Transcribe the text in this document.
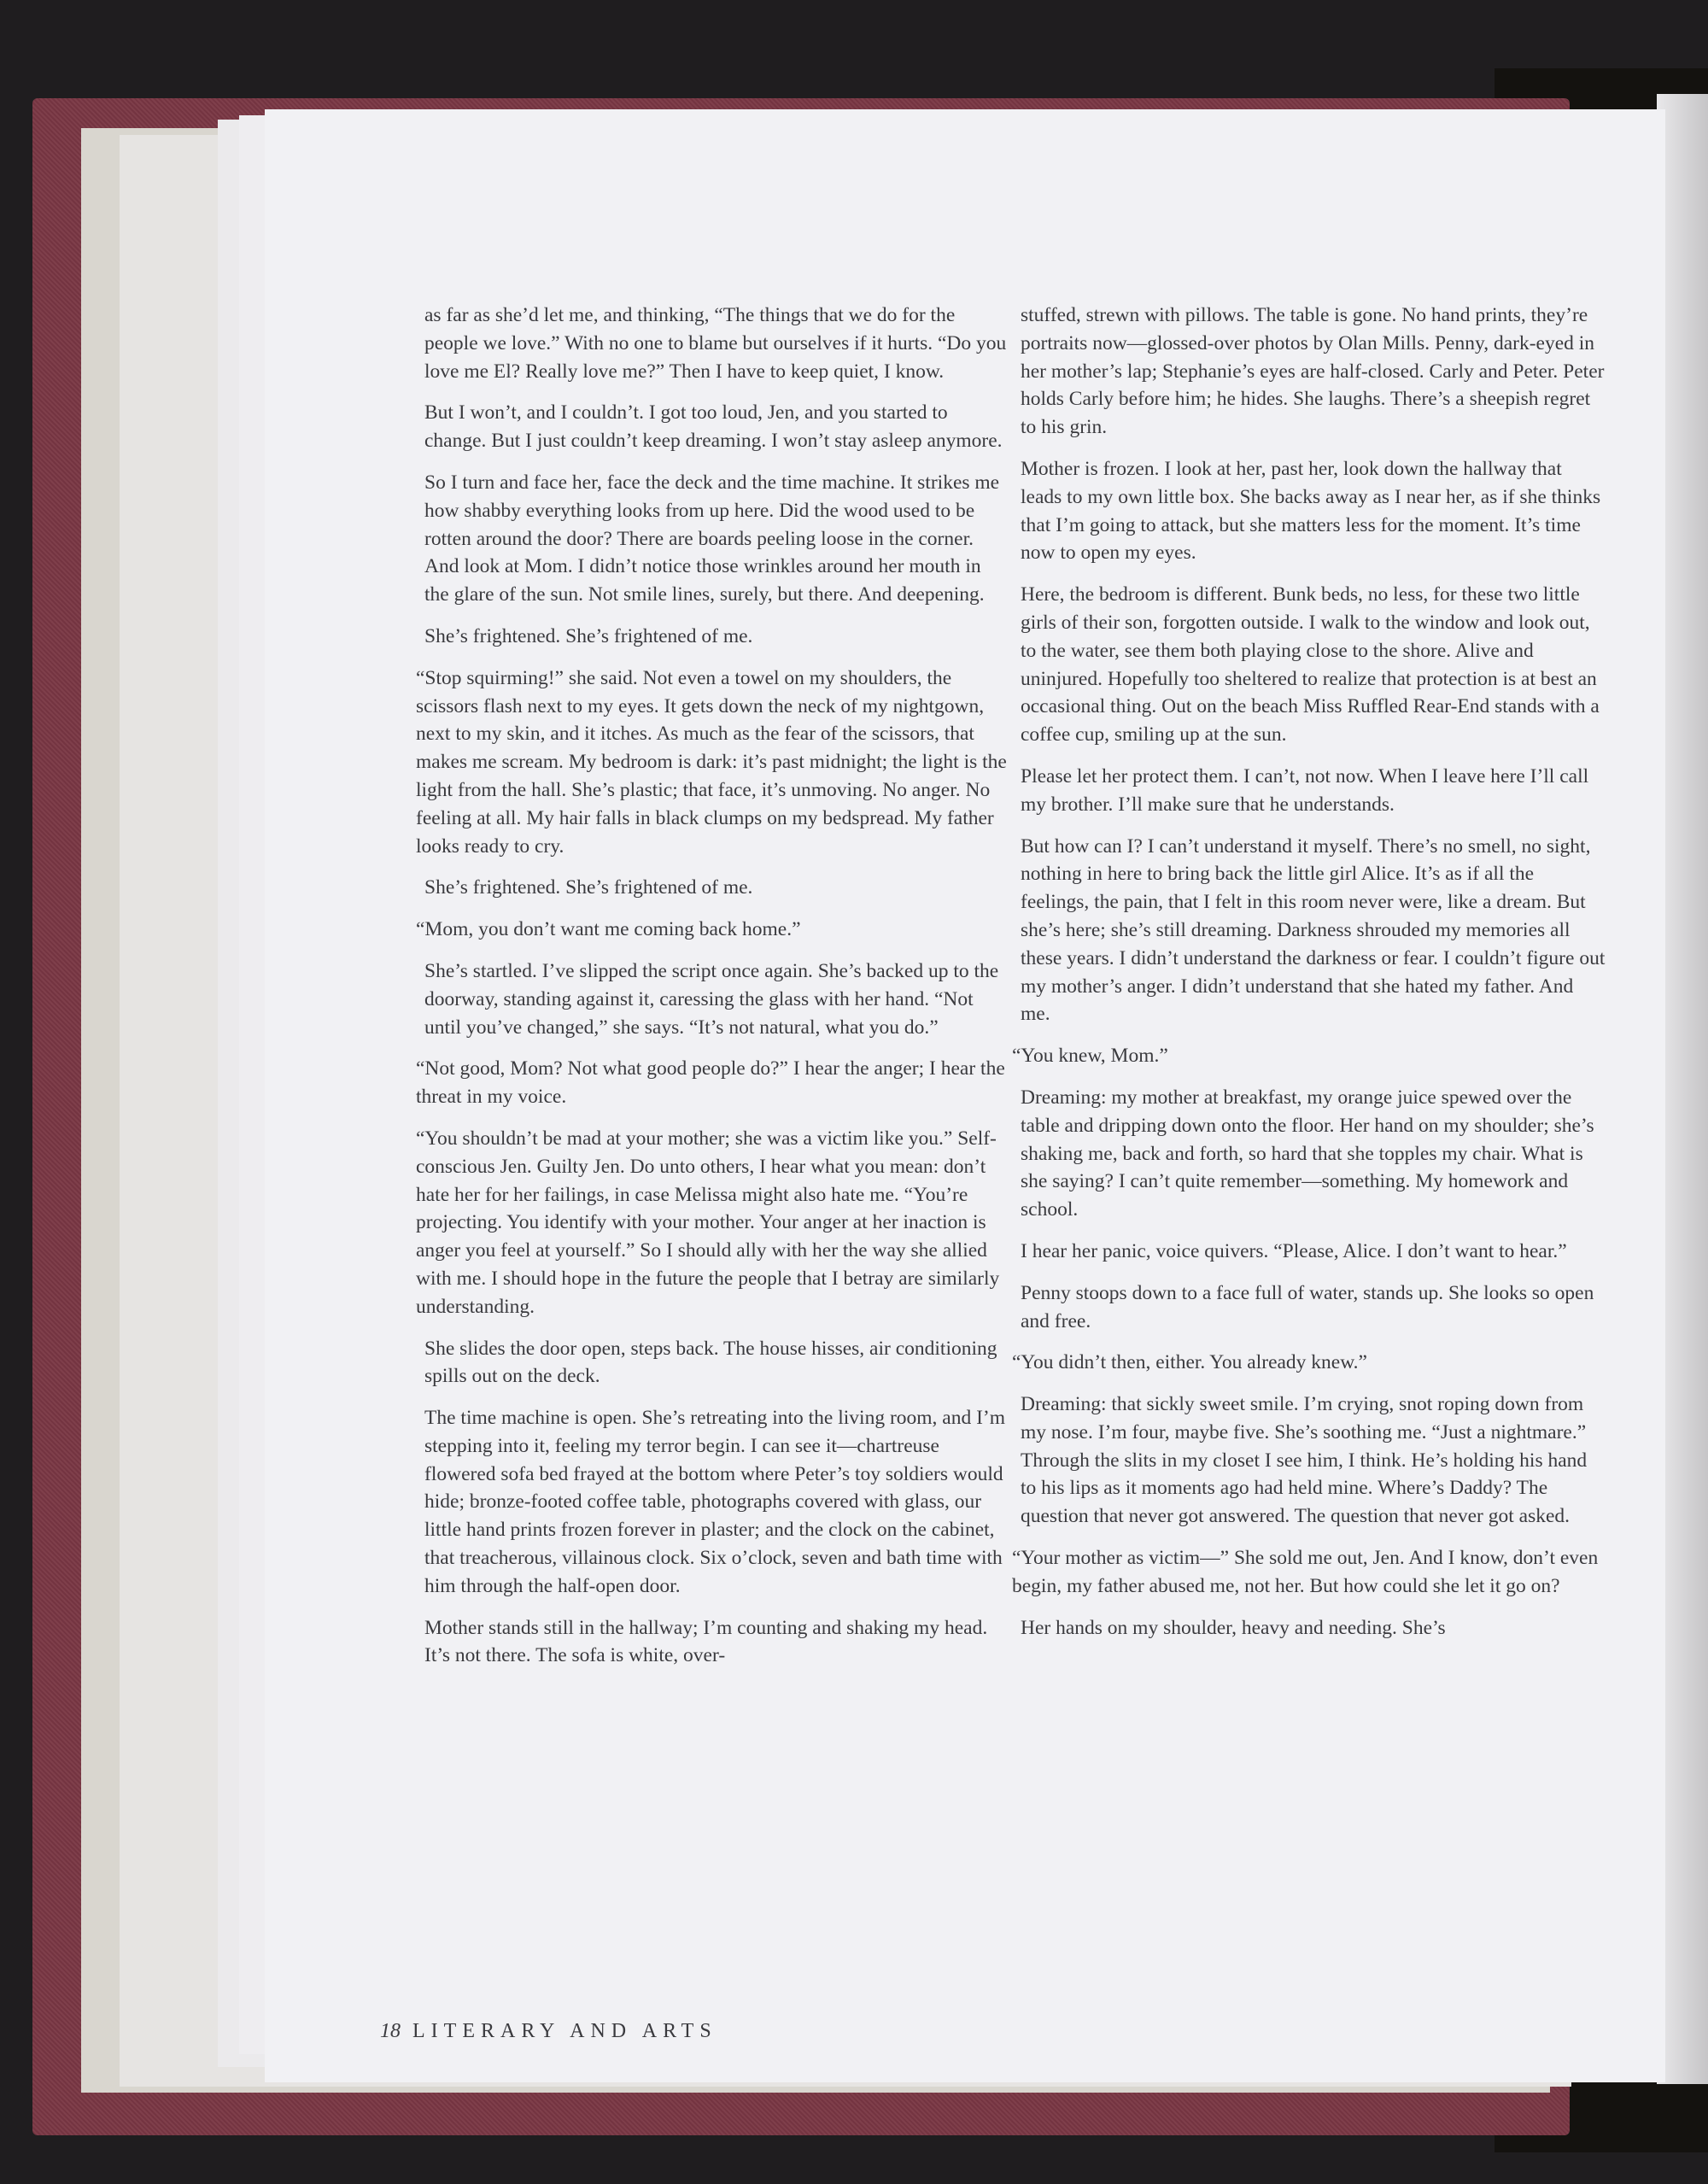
as far as she’d let me, and thinking, “The things that we do for the people we love.” With no one to blame but ourselves if it hurts. “Do you love me El? Really love me?” Then I have to keep quiet, I know.

But I won’t, and I couldn’t. I got too loud, Jen, and you started to change. But I just couldn’t keep dreaming. I won’t stay asleep anymore.

So I turn and face her, face the deck and the time machine. It strikes me how shabby everything looks from up here. Did the wood used to be rotten around the door? There are boards peeling loose in the corner. And look at Mom. I didn’t notice those wrinkles around her mouth in the glare of the sun. Not smile lines, surely, but there. And deepening.

She’s frightened. She’s frightened of me.

“Stop squirming!” she said. Not even a towel on my shoulders, the scissors flash next to my eyes. It gets down the neck of my nightgown, next to my skin, and it itches. As much as the fear of the scissors, that makes me scream. My bedroom is dark: it’s past midnight; the light is the light from the hall. She’s plastic; that face, it’s unmoving. No anger. No feeling at all. My hair falls in black clumps on my bedspread. My father looks ready to cry.

She’s frightened. She’s frightened of me.

“Mom, you don’t want me coming back home.”

She’s startled. I’ve slipped the script once again. She’s backed up to the doorway, standing against it, caressing the glass with her hand. “Not until you’ve changed,” she says. “It’s not natural, what you do.”

“Not good, Mom? Not what good people do?” I hear the anger; I hear the threat in my voice.

“You shouldn’t be mad at your mother; she was a victim like you.” Self-conscious Jen. Guilty Jen. Do unto others, I hear what you mean: don’t hate her for her failings, in case Melissa might also hate me. “You’re projecting. You identify with your mother. Your anger at her inaction is anger you feel at yourself.” So I should ally with her the way she allied with me. I should hope in the future the people that I betray are similarly understanding.

She slides the door open, steps back. The house hisses, air conditioning spills out on the deck.

The time machine is open. She’s retreating into the living room, and I’m stepping into it, feeling my terror begin. I can see it—chartreuse flowered sofa bed frayed at the bottom where Peter’s toy soldiers would hide; bronze-footed coffee table, photographs covered with glass, our little hand prints frozen forever in plaster; and the clock on the cabinet, that treacherous, villainous clock. Six o’clock, seven and bath time with him through the half-open door.

Mother stands still in the hallway; I’m counting and shaking my head. It’s not there. The sofa is white, over-

stuffed, strewn with pillows. The table is gone. No hand prints, they’re portraits now—glossed-over photos by Olan Mills. Penny, dark-eyed in her mother’s lap; Stephanie’s eyes are half-closed. Carly and Peter. Peter holds Carly before him; he hides. She laughs. There’s a sheepish regret to his grin.

Mother is frozen. I look at her, past her, look down the hallway that leads to my own little box. She backs away as I near her, as if she thinks that I’m going to attack, but she matters less for the moment. It’s time now to open my eyes.

Here, the bedroom is different. Bunk beds, no less, for these two little girls of their son, forgotten outside. I walk to the window and look out, to the water, see them both playing close to the shore. Alive and uninjured. Hopefully too sheltered to realize that protection is at best an occasional thing. Out on the beach Miss Ruffled Rear-End stands with a coffee cup, smiling up at the sun.

Please let her protect them. I can’t, not now. When I leave here I’ll call my brother. I’ll make sure that he understands.

But how can I? I can’t understand it myself. There’s no smell, no sight, nothing in here to bring back the little girl Alice. It’s as if all the feelings, the pain, that I felt in this room never were, like a dream. But she’s here; she’s still dreaming. Darkness shrouded my memories all these years. I didn’t understand the darkness or fear. I couldn’t figure out my mother’s anger. I didn’t understand that she hated my father. And me.

“You knew, Mom.”

Dreaming: my mother at breakfast, my orange juice spewed over the table and dripping down onto the floor. Her hand on my shoulder; she’s shaking me, back and forth, so hard that she topples my chair. What is she saying? I can’t quite remember—something. My homework and school.

I hear her panic, voice quivers. “Please, Alice. I don’t want to hear.”

Penny stoops down to a face full of water, stands up. She looks so open and free.

“You didn’t then, either. You already knew.”

Dreaming: that sickly sweet smile. I’m crying, snot roping down from my nose. I’m four, maybe five. She’s soothing me. “Just a nightmare.” Through the slits in my closet I see him, I think. He’s holding his hand to his lips as it moments ago had held mine. Where’s Daddy? The question that never got answered. The question that never got asked.

“Your mother as victim—” She sold me out, Jen. And I know, don’t even begin, my father abused me, not her. But how could she let it go on?

Her hands on my shoulder, heavy and needing. She’s

18 LITERARY AND ARTS
